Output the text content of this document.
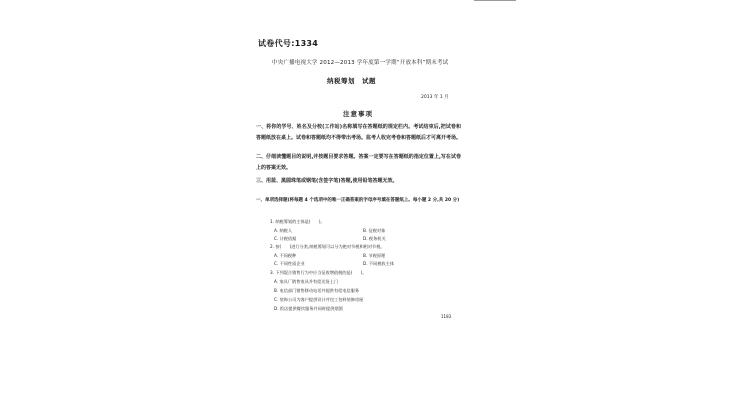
试卷代号:1334
中央广播电视大学 2012—2013 学年度第一学期“开放本科”期末考试
纳税筹划　试题
2013 年 1 月
注意事项
一、将你的学号、姓名及分校(工作站)名称填写在答题纸的规定栏内。考试结束后,把试卷和答题纸放在桌上。试卷和答题纸均不得带出考场。监考人收完考卷和答题纸后才可离开考场。
二、仔细读懂题目的说明,并按题目要求答题。答案一定要写在答题纸的指定位置上,写在试卷上的答案无效。
三、用蓝、黑圆珠笔或钢笔(含签字笔)答题,使用铅笔答题无效。
一、单项选择题(将每题 4 个选项中的唯一正确答案的字母序号填在答题纸上。每小题 2 分,共 20 分)
1. 纳税筹划的主体是(　　)。
A. 纳税人	B. 征税对象
C. 计税依据	D. 税务机关
2. 按(　　)进行分类,纳税筹划可以分为绝对节税和相对节税。
A. 不同税种	B. 节税原理
C. 不同性质企业	D. 不同税收主体
3. 下列混合销售行为中应当征收增值税的是(　　)。
A. 家具厂销售家具并有偿送货上门
B. 电信部门销售移动电话并提供有偿电信服务
C. 装饰公司为客户提供设计并包工包料装修房屋
D. 饭店提供餐饮服务并同时提供烟酒
1183
